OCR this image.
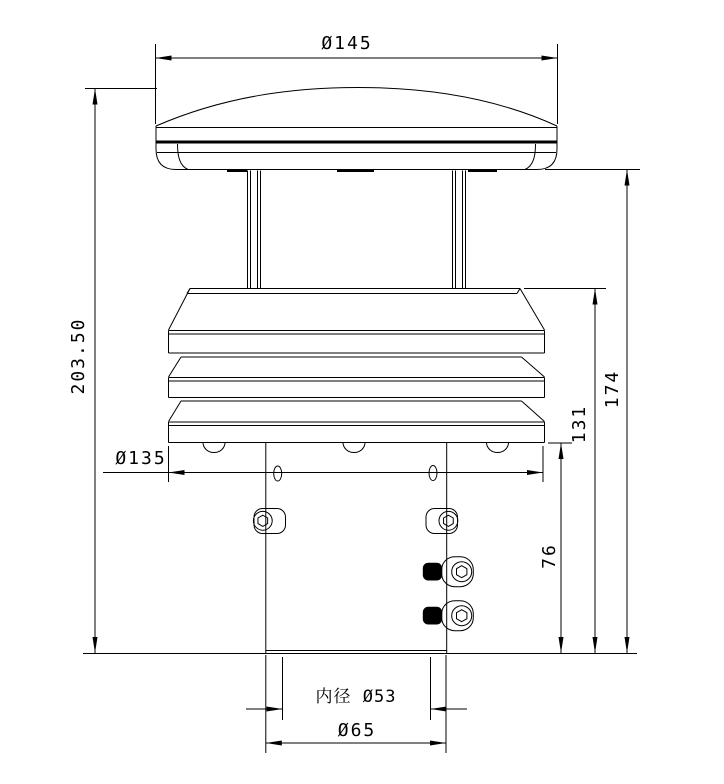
Ø145
203.50	174
131
76
Ø135
内径 Ø53
Ø65
